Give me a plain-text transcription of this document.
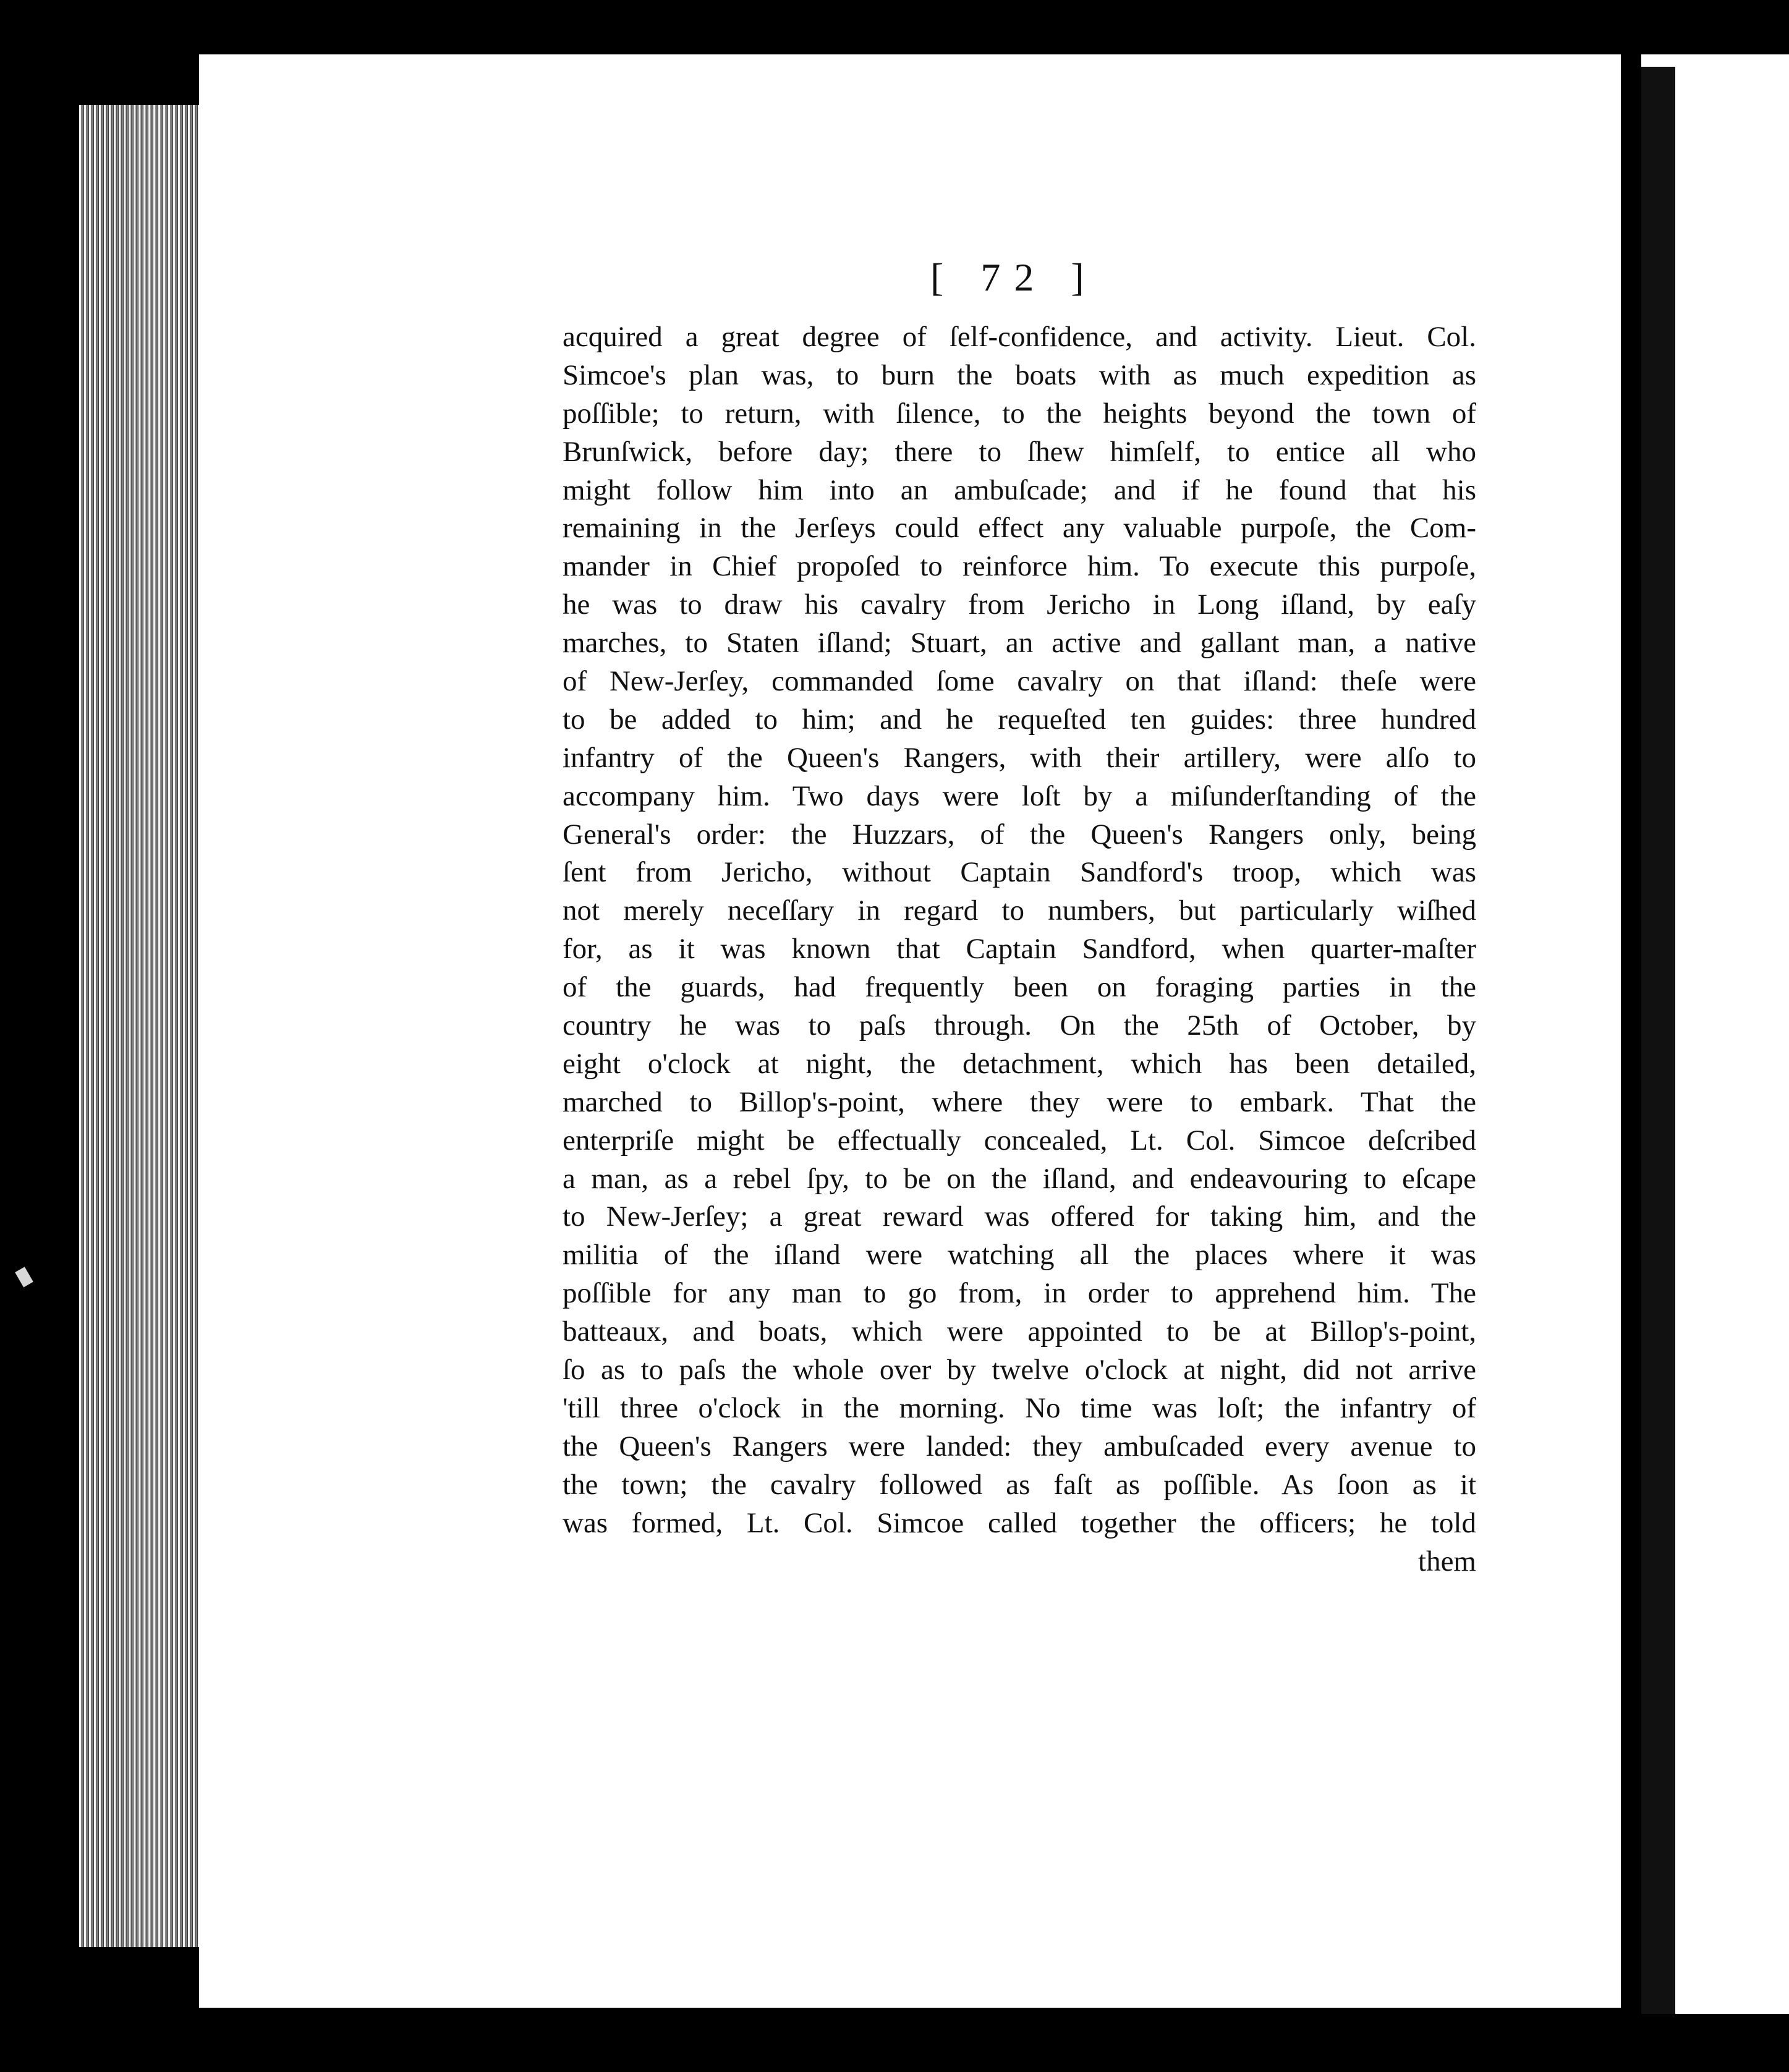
[ 72 ]
acquired a great degree of ſelf-confidence, and activity. Lieut. Col.
Simcoe's plan was, to burn the boats with as much expedition as
poſſible; to return, with ſilence, to the heights beyond the town of
Brunſwick, before day; there to ſhew himſelf, to entice all who
might follow him into an ambuſcade; and if he found that his
remaining in the Jerſeys could effect any valuable purpoſe, the Com-
mander in Chief propoſed to reinforce him. To execute this purpoſe,
he was to draw his cavalry from Jericho in Long iſland, by eaſy
marches, to Staten iſland; Stuart, an active and gallant man, a native
of New-Jerſey, commanded ſome cavalry on that iſland: theſe were
to be added to him; and he requeſted ten guides: three hundred
infantry of the Queen's Rangers, with their artillery, were alſo to
accompany him. Two days were loſt by a miſunderſtanding of the
General's order: the Huzzars, of the Queen's Rangers only, being
ſent from Jericho, without Captain Sandford's troop, which was
not merely neceſſary in regard to numbers, but particularly wiſhed
for, as it was known that Captain Sandford, when quarter-maſter
of the guards, had frequently been on foraging parties in the
country he was to paſs through. On the 25th of October, by
eight o'clock at night, the detachment, which has been detailed,
marched to Billop's-point, where they were to embark. That the
enterpriſe might be effectually concealed, Lt. Col. Simcoe deſcribed
a man, as a rebel ſpy, to be on the iſland, and endeavouring to eſcape
to New-Jerſey; a great reward was offered for taking him, and the
militia of the iſland were watching all the places where it was
poſſible for any man to go from, in order to apprehend him. The
batteaux, and boats, which were appointed to be at Billop's-point,
ſo as to paſs the whole over by twelve o'clock at night, did not arrive
'till three o'clock in the morning. No time was loſt; the infantry of
the Queen's Rangers were landed: they ambuſcaded every avenue to
the town; the cavalry followed as faſt as poſſible. As ſoon as it
was formed, Lt. Col. Simcoe called together the officers; he told
them
